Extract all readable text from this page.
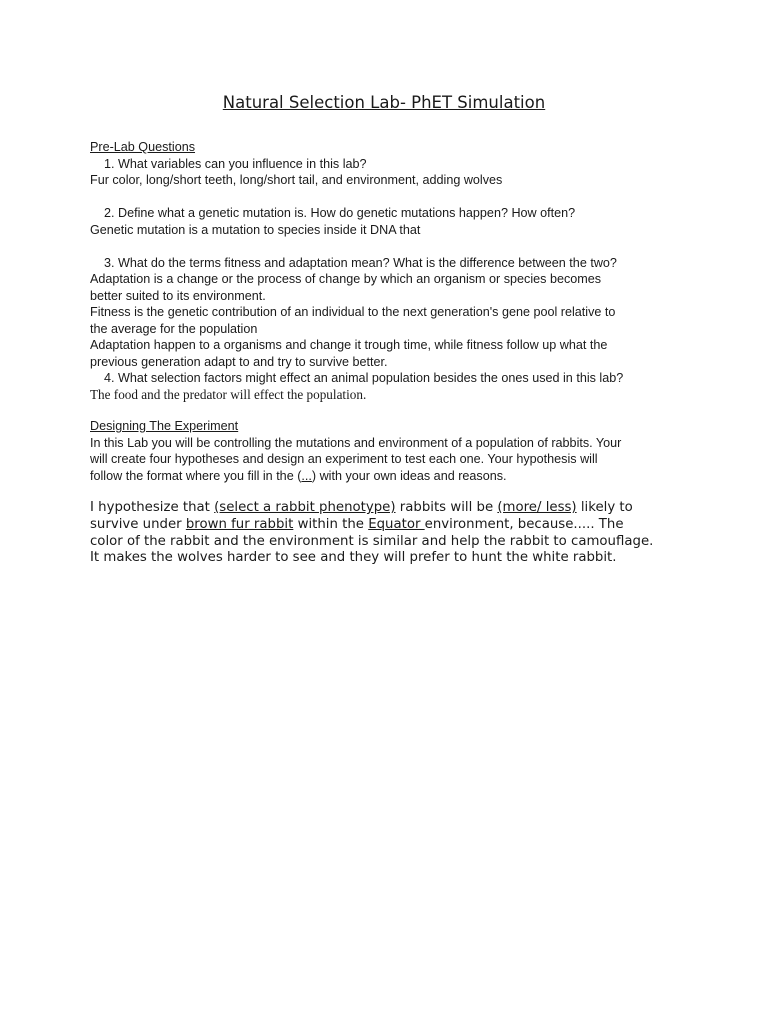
Natural Selection Lab- PhET Simulation

Pre-Lab Questions

1. What variables can you influence in this lab?

Fur color, long/short teeth, long/short tail, and environment, adding wolves

2. Define what a genetic mutation is. How do genetic mutations happen? How often?

Genetic mutation is a mutation to species inside it DNA that

3. What do the terms fitness and adaptation mean? What is the difference between the two?

Adaptation is a change or the process of change by which an organism or species becomes

better suited to its environment.

Fitness is the genetic contribution of an individual to the next generation's gene pool relative to

the average for the population

Adaptation happen to a organisms and change it trough time, while fitness follow up what the

previous generation adapt to and try to survive better.

4. What selection factors might effect an animal population besides the ones used in this lab?

The food and the predator will effect the population.

Designing The Experiment

In this Lab you will be controlling the mutations and environment of a population of rabbits. Your

will create four hypotheses and design an experiment to test each one. Your hypothesis will

follow the format where you fill in the (...) with your own ideas and reasons.

I hypothesize that (select a rabbit phenotype) rabbits will be (more/ less) likely to

survive under brown fur rabbit within the Equator environment, because..... The

color of the rabbit and the environment is similar and help the rabbit to camouflage.

It makes the wolves harder to see and they will prefer to hunt the white rabbit.
